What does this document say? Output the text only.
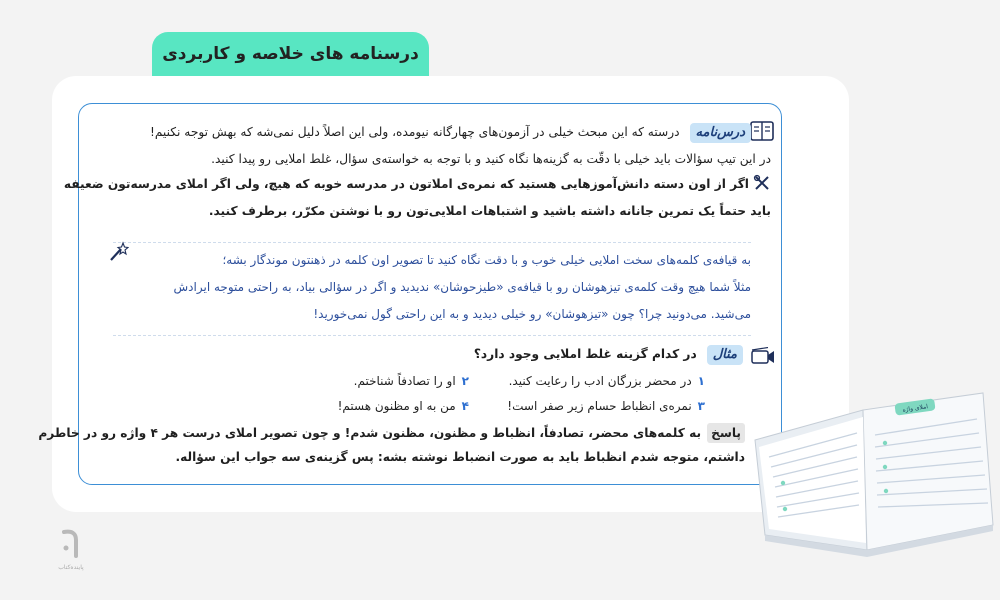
درسنامه های خلاصه و کاربردی
درس‌نامهدرسته که این مبحث خیلی در آزمون‌های چهارگانه نیومده، ولی این اصلاً دلیل نمی‌شه که بهش توجه نکنیم!
در این تیپ سؤالات باید خیلی با دقّت به گزینه‌ها نگاه کنید و با توجه به خواسته‌ی سؤال، غلط املایی رو پیدا کنید.
اگر از اون دسته دانش‌آموزهایی هستید که نمره‌ی املاتون در مدرسه خوبه که هیچ، ولی اگر املای مدرسه‌تون ضعیفه
باید حتماً یک تمرین جانانه داشته باشید و اشتباهات املایی‌تون رو با نوشتن مکرّر، برطرف کنید.
به قیافه‌ی کلمه‌های سخت املایی خیلی خوب و با دقت نگاه کنید تا تصویر اون کلمه در ذهنتون موندگار بشه؛
مثلاً شما هیچ وقت کلمه‌ی تیزهوشان رو با قیافه‌ی «طیزحوشان» ندیدید و اگر در سؤالی بیاد، به راحتی متوجه ایرادش
می‌شید. می‌دونید چرا؟ چون «تیزهوشان» رو خیلی دیدید و به این راحتی گول نمی‌خورید!
مثالدر کدام گزینه غلط املایی وجود دارد؟
۱در محضر بزرگان ادب را رعایت کنید.
۲او را تصادفاً شناختم.
۳نمره‌ی انظباط حسام زیر صفر است!
۴من به او مظنون هستم!
پاسخبه کلمه‌های محضر، تصادفاً، انظباط و مظنون، مظنون شدم! و چون تصویر املای درست هر ۴ واژه رو در خاطرم
داشتم، متوجه شدم انظباط باید به صورت انضباط نوشته بشه: پس گزینه‌ی سه جواب این سؤاله.
پاینده‌کتاب
املای واژه
